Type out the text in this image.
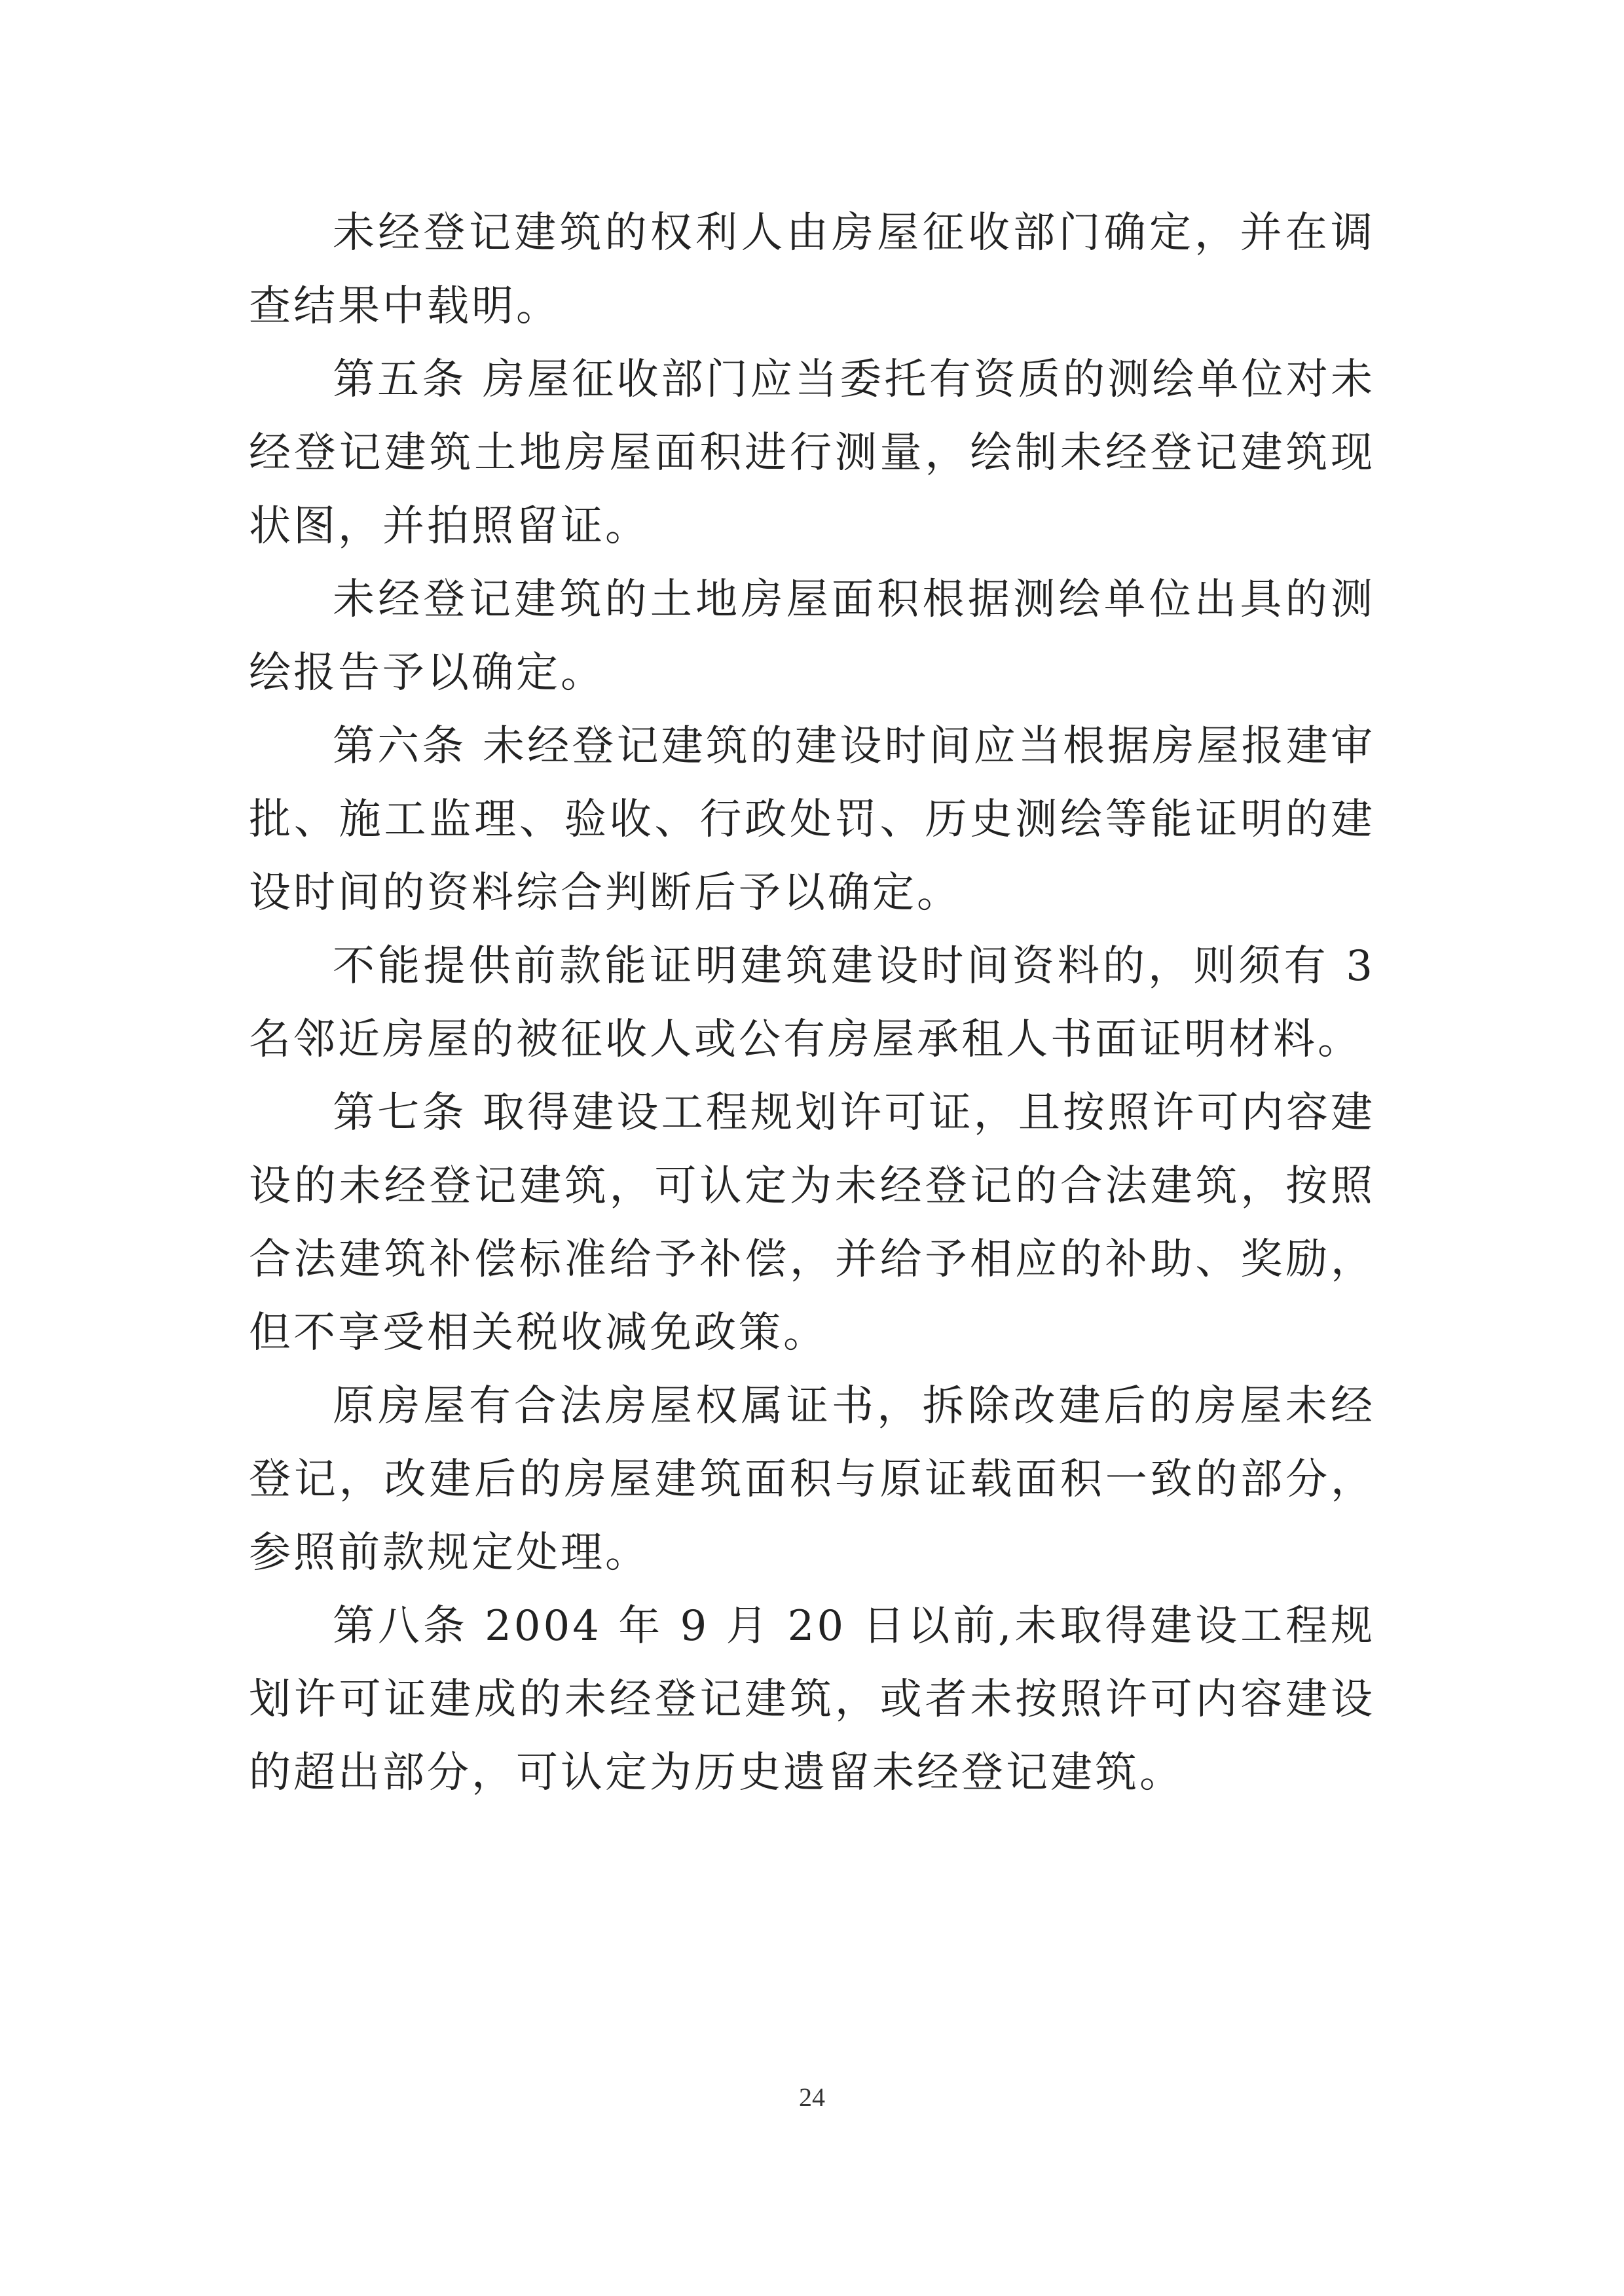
未经登记建筑的权利人由房屋征收部门确定，并在调查结果中载明。

第五条 房屋征收部门应当委托有资质的测绘单位对未经登记建筑土地房屋面积进行测量，绘制未经登记建筑现状图，并拍照留证。

未经登记建筑的土地房屋面积根据测绘单位出具的测绘报告予以确定。

第六条 未经登记建筑的建设时间应当根据房屋报建审批、施工监理、验收、行政处罚、历史测绘等能证明的建设时间的资料综合判断后予以确定。

不能提供前款能证明建筑建设时间资料的，则须有 3 名邻近房屋的被征收人或公有房屋承租人书面证明材料。

第七条 取得建设工程规划许可证，且按照许可内容建设的未经登记建筑，可认定为未经登记的合法建筑，按照合法建筑补偿标准给予补偿，并给予相应的补助、奖励，但不享受相关税收减免政策。

原房屋有合法房屋权属证书，拆除改建后的房屋未经登记，改建后的房屋建筑面积与原证载面积一致的部分，参照前款规定处理。

第八条 2004 年 9 月 20 日以前,未取得建设工程规划许可证建成的未经登记建筑，或者未按照许可内容建设的超出部分，可认定为历史遗留未经登记建筑。

24
